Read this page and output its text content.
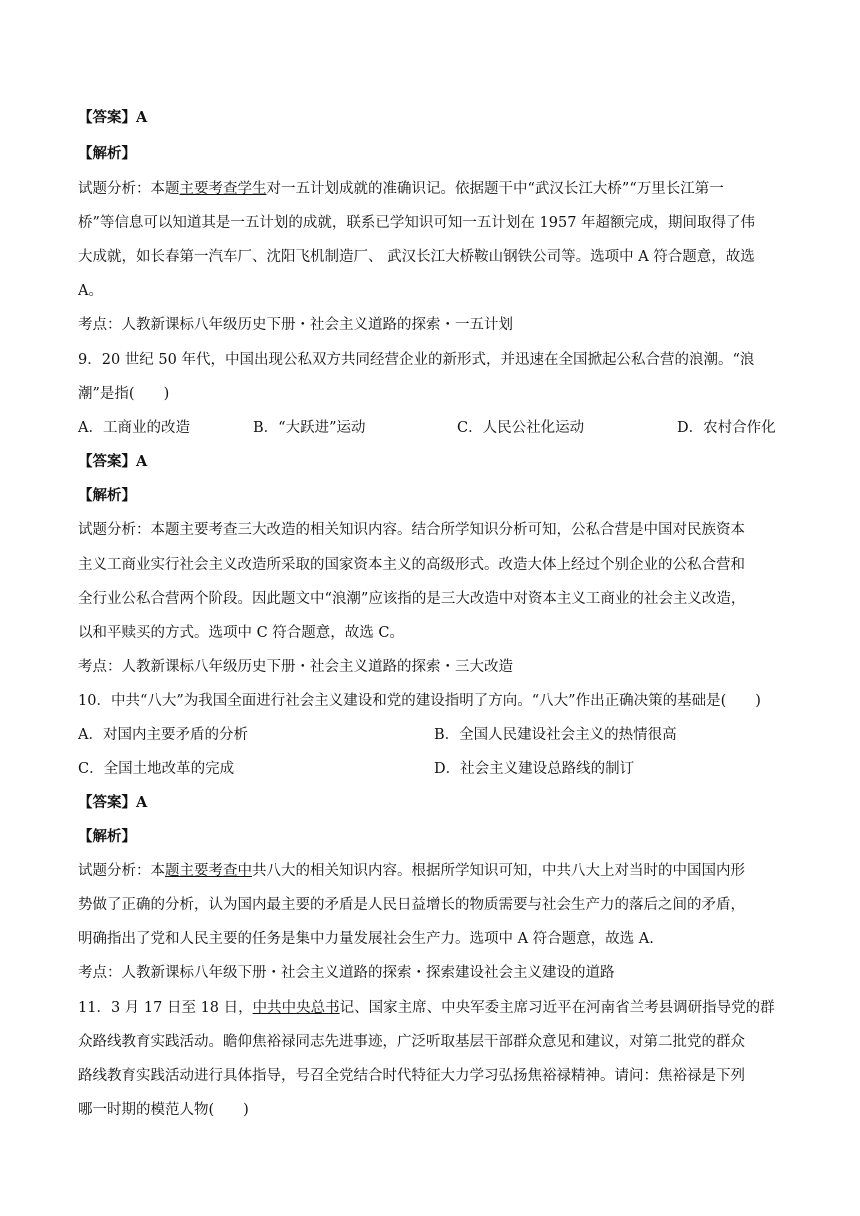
【答案】A
【解析】
试题分析：本题主要考查学生对一五计划成就的准确识记。依据题干中“武汉长江大桥”“万里长江第一
桥”等信息可以知道其是一五计划的成就，联系已学知识可知一五计划在 1957 年超额完成，期间取得了伟
大成就，如长春第一汽车厂、沈阳飞机制造厂、 武汉长江大桥鞍山钢铁公司等。选项中 A 符合题意，故选
A。
考点：人教新课标八年级历史下册・社会主义道路的探索・一五计划
9．20 世纪 50 年代，中国出现公私双方共同经营企业的新形式，并迅速在全国掀起公私合营的浪潮。“浪
潮”是指(　　)
A．工商业的改造	B．“大跃进”运动	C．人民公社化运动	D．农村合作化
【答案】A
【解析】
试题分析：本题主要考查三大改造的相关知识内容。结合所学知识分析可知，公私合营是中国对民族资本
主义工商业实行社会主义改造所采取的国家资本主义的高级形式。改造大体上经过个别企业的公私合营和
全行业公私合营两个阶段。因此题文中“浪潮”应该指的是三大改造中对资本主义工商业的社会主义改造，
以和平赎买的方式。选项中 C 符合题意，故选 C。
考点：人教新课标八年级历史下册・社会主义道路的探索・三大改造
10．中共“八大”为我国全面进行社会主义建设和党的建设指明了方向。“八大”作出正确决策的基础是(　　)
A．对国内主要矛盾的分析	B．全国人民建设社会主义的热情很高
C．全国土地改革的完成	D．社会主义建设总路线的制订
【答案】A
【解析】
试题分析：本题主要考查中共八大的相关知识内容。根据所学知识可知，中共八大上对当时的中国国内形
势做了正确的分析，认为国内最主要的矛盾是人民日益增长的物质需要与社会生产力的落后之间的矛盾，
明确指出了党和人民主要的任务是集中力量发展社会生产力。选项中 A 符合题意，故选 A.
考点：人教新课标八年级下册・社会主义道路的探索・探索建设社会主义建设的道路
11．3 月 17 日至 18 日，中共中央总书记、国家主席、中央军委主席习近平在河南省兰考县调研指导党的群
众路线教育实践活动。瞻仰焦裕禄同志先进事迹，广泛听取基层干部群众意见和建议，对第二批党的群众
路线教育实践活动进行具体指导，号召全党结合时代特征大力学习弘扬焦裕禄精神。请问：焦裕禄是下列
哪一时期的模范人物(　　)
